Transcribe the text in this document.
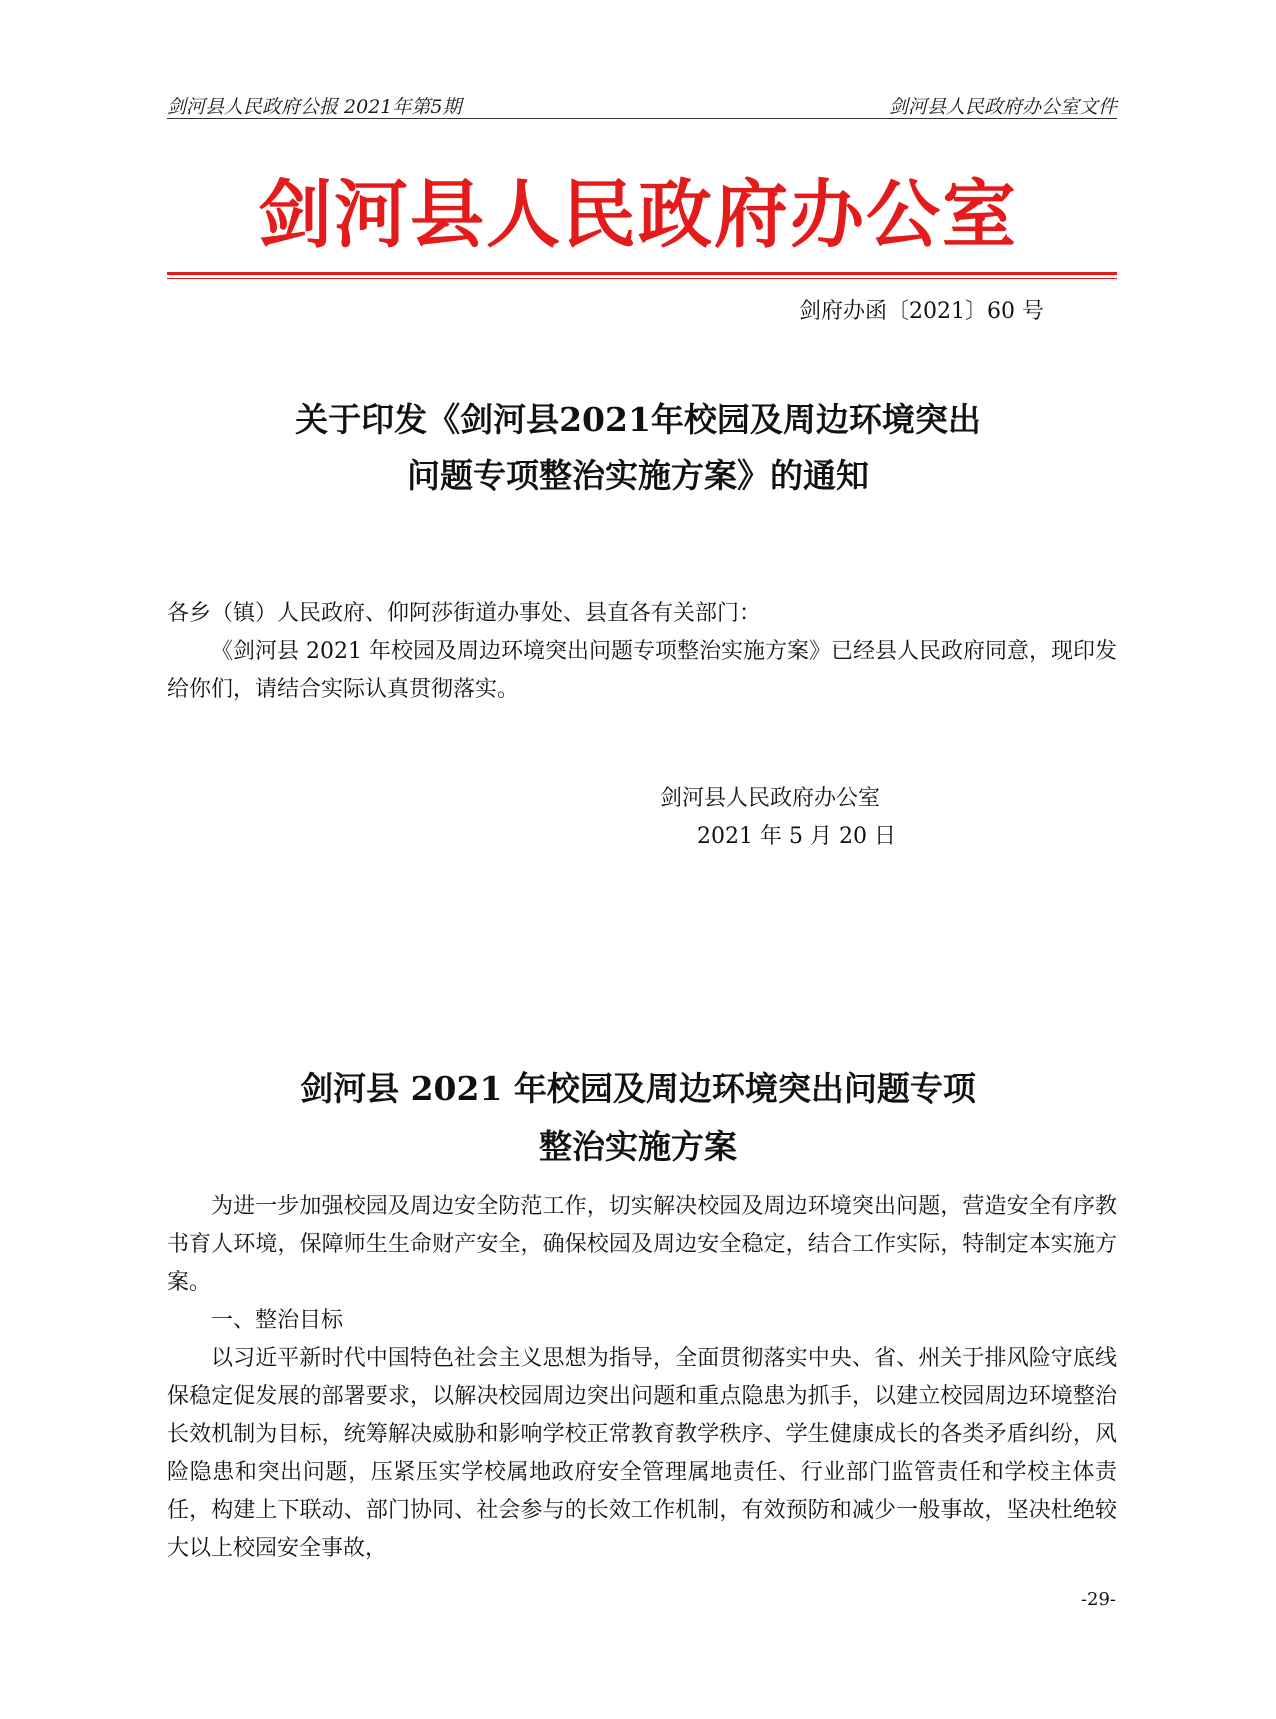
剑河县人民政府公报 2021年第5期	剑河县人民政府办公室文件
剑河县人民政府办公室
剑府办函〔2021〕60 号
关于印发《剑河县2021年校园及周边环境突出
问题专项整治实施方案》的通知
各乡（镇）人民政府、仰阿莎街道办事处、县直各有关部门：
《剑河县 2021 年校园及周边环境突出问题专项整治实施方案》已经县人民政府同意，现印发给你们，请结合实际认真贯彻落实。
剑河县人民政府办公室
2021 年 5 月 20 日
剑河县 2021 年校园及周边环境突出问题专项
整治实施方案

为进一步加强校园及周边安全防范工作，切实解决校园及周边环境突出问题，营造安全有序教书育人环境，保障师生生命财产安全，确保校园及周边安全稳定，结合工作实际，特制定本实施方案。

一、整治目标

以习近平新时代中国特色社会主义思想为指导，全面贯彻落实中央、省、州关于排风险守底线保稳定促发展的部署要求，以解决校园周边突出问题和重点隐患为抓手，以建立校园周边环境整治长效机制为目标，统筹解决威胁和影响学校正常教育教学秩序、学生健康成长的各类矛盾纠纷，风险隐患和突出问题，压紧压实学校属地政府安全管理属地责任、行业部门监管责任和学校主体责任，构建上下联动、部门协同、社会参与的长效工作机制，有效预防和减少一般事故，坚决杜绝较大以上校园安全事故，

-29-
